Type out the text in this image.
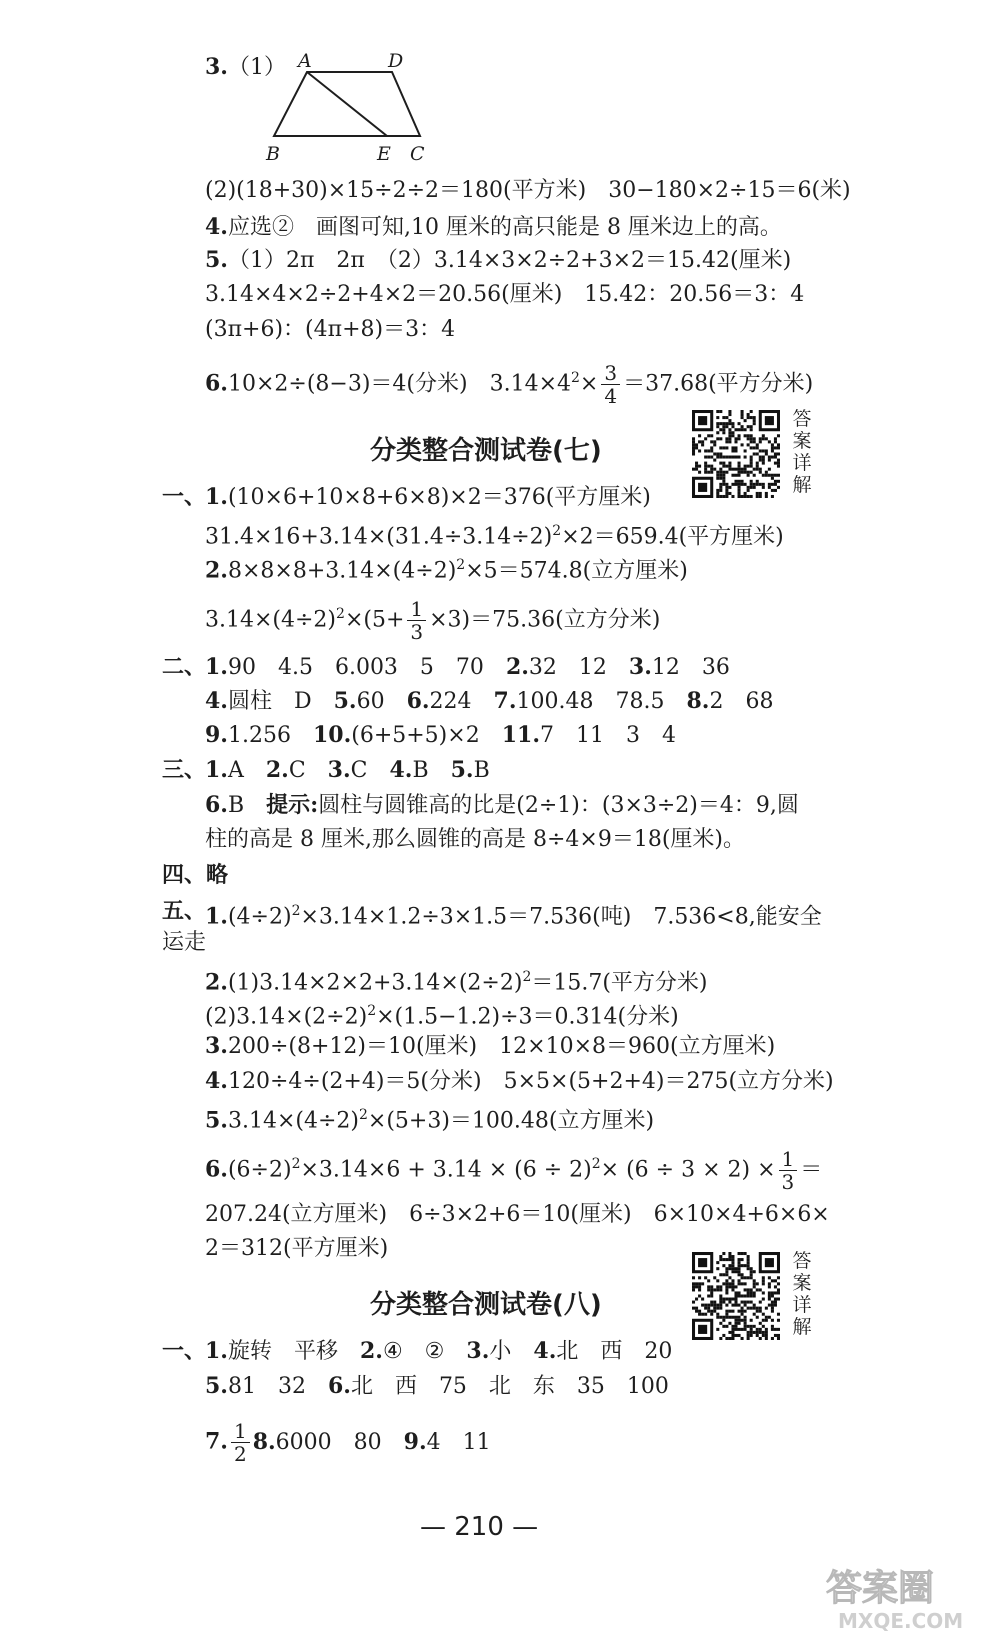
3.（1） A	D
B	E C
(2)(18+30)×15÷2÷2＝180(平方米)　30−180×2÷15＝6(米)
4.应选②　画图可知,10 厘米的高只能是 8 厘米边上的高。
5.（1）2π　2π　（2）3.14×3×2÷2+3×2＝15.42(厘米)
3.14×4×2÷2+4×2＝20.56(厘米)　15.42：20.56＝3：4
(3π+6)：(4π+8)＝3：4
6.10×2÷(8−3)＝4(分米)　$3.14\times 4^2\times \frac{3}{4} =37.68$(平方分米)
答案详解
分类整合测试卷(七)
一、
1.(10×6+10×8+6×8)×2＝376(平方厘米)
$31.4\times 16+3.14\times(31.4\div 3.14\div 2)^2\times 2=659.4$(平方厘米)
$2.8\times 8\times 8+3.14\times(4\div 2)^2\times 5=574.8$(立方厘米)
$3.14\times(4\div 2)^2\times(5+ \frac{1}{3} \times 3)=75.36$(立方分米)
二、
1.90　4.5　6.003　5　70　2.32　12　3.12　36
4.圆柱　D　5.60　6.224　7.100.48　78.5　8.2　68
9.1.256　10.(6+5+5)×2　11.7　11　3　4
三、
1.A　2.C　3.C　4.B　5.B
6.B　提示:圆柱与圆锥高的比是(2÷1)：(3×3÷2)＝4：9,圆
柱的高是 8 厘米,那么圆锥的高是 8÷4×9＝18(厘米)。
四、略
五、
$1.(4\div 2)^2\times 3.14\times 1.2\div 3\times 1.5=7.536$(吨)　7.536<8,能安全
运走
$2.(1)3.14\times 2\times 2+3.14\times(2\div 2)^2=15.7$(平方分米)
$(2)3.14\times(2\div 2)^2\times(1.5-1.2)\div 3=0.314$(分米)
3.200÷(8+12)＝10(厘米)　12×10×8＝960(立方厘米)
4.120÷4÷(2+4)＝5(分米)　5×5×(5+2+4)＝275(立方分米)
$5.3.14\times(4\div 2)^2\times(5+3)=100.48$(立方厘米)
$6.(6\div 2)^2\times 3.14\times 6 + 3.14 \times (6 \div 2)^2\times (6 \div 3 \times 2) \times \frac{1}{3}$ ＝
207.24(立方厘米)　6÷3×2+6＝10(厘米)　6×10×4+6×6×
2＝312(平方厘米)	答案详解
分类整合测试卷(八)
一、
1.旋转　平移　2.④　②　3.小　4.北　西　20
5.81　32　6.北　西　75　北　东　35　100
7. $\frac{1}{2} 8.6000$　80　9.4　11
— 210 —
答案圈
MXQE.COM
